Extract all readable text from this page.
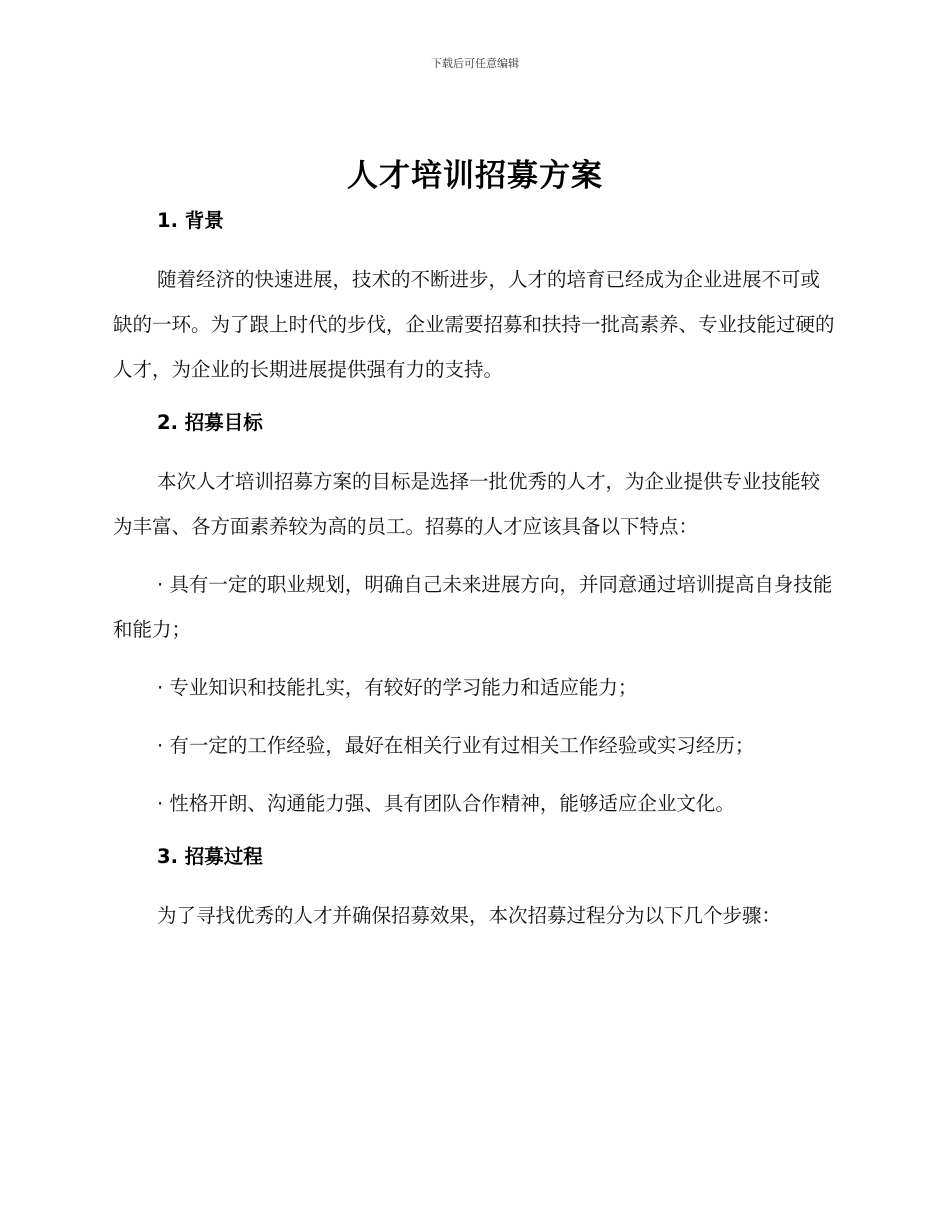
下载后可任意编辑
人才培训招募方案
1. 背景

随着经济的快速进展，技术的不断进步，人才的培育已经成为企业进展不可或缺的一环。为了跟上时代的步伐，企业需要招募和扶持一批高素养、专业技能过硬的人才，为企业的长期进展提供强有力的支持。

2. 招募目标

本次人才培训招募方案的目标是选择一批优秀的人才，为企业提供专业技能较为丰富、各方面素养较为高的员工。招募的人才应该具备以下特点：

· 具有一定的职业规划，明确自己未来进展方向，并同意通过培训提高自身技能和能力；

· 专业知识和技能扎实，有较好的学习能力和适应能力；

· 有一定的工作经验，最好在相关行业有过相关工作经验或实习经历；

· 性格开朗、沟通能力强、具有团队合作精神，能够适应企业文化。

3. 招募过程

为了寻找优秀的人才并确保招募效果，本次招募过程分为以下几个步骤：
